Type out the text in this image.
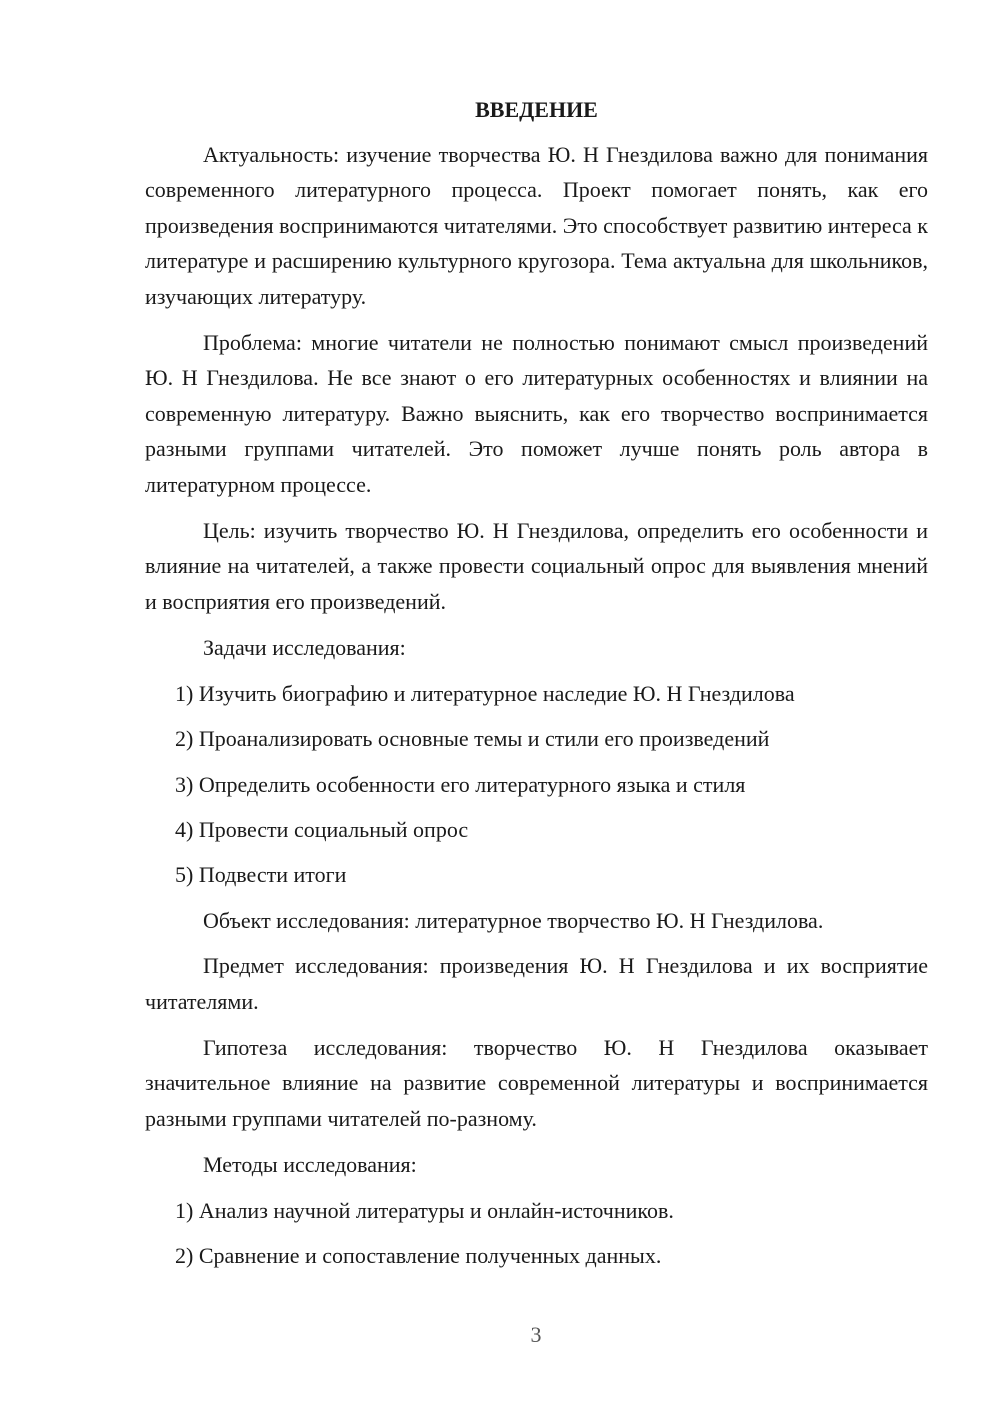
ВВЕДЕНИЕ

Актуальность: изучение творчества Ю. Н Гнездилова важно для понимания современного литературного процесса. Проект помогает понять, как его произведения воспринимаются читателями. Это способствует развитию интереса к литературе и расширению культурного кругозора. Тема актуальна для школьников, изучающих литературу.

Проблема: многие читатели не полностью понимают смысл произведений Ю. Н Гнездилова. Не все знают о его литературных особенностях и влиянии на современную литературу. Важно выяснить, как его творчество воспринимается разными группами читателей. Это поможет лучше понять роль автора в литературном процессе.

Цель: изучить творчество Ю. Н Гнездилова, определить его особенности и влияние на читателей, а также провести социальный опрос для выявления мнений и восприятия его произведений.

Задачи исследования:

1) Изучить биографию и литературное наследие Ю. Н Гнездилова
2) Проанализировать основные темы и стили его произведений
3) Определить особенности его литературного языка и стиля
4) Провести социальный опрос
5) Подвести итоги

Объект исследования: литературное творчество Ю. Н Гнездилова.

Предмет исследования: произведения Ю. Н Гнездилова и их восприятие читателями.

Гипотеза исследования: творчество Ю. Н Гнездилова оказывает значительное влияние на развитие современной литературы и воспринимается разными группами читателей по-разному.

Методы исследования:

1) Анализ научной литературы и онлайн-источников.
2) Сравнение и сопоставление полученных данных.
3
